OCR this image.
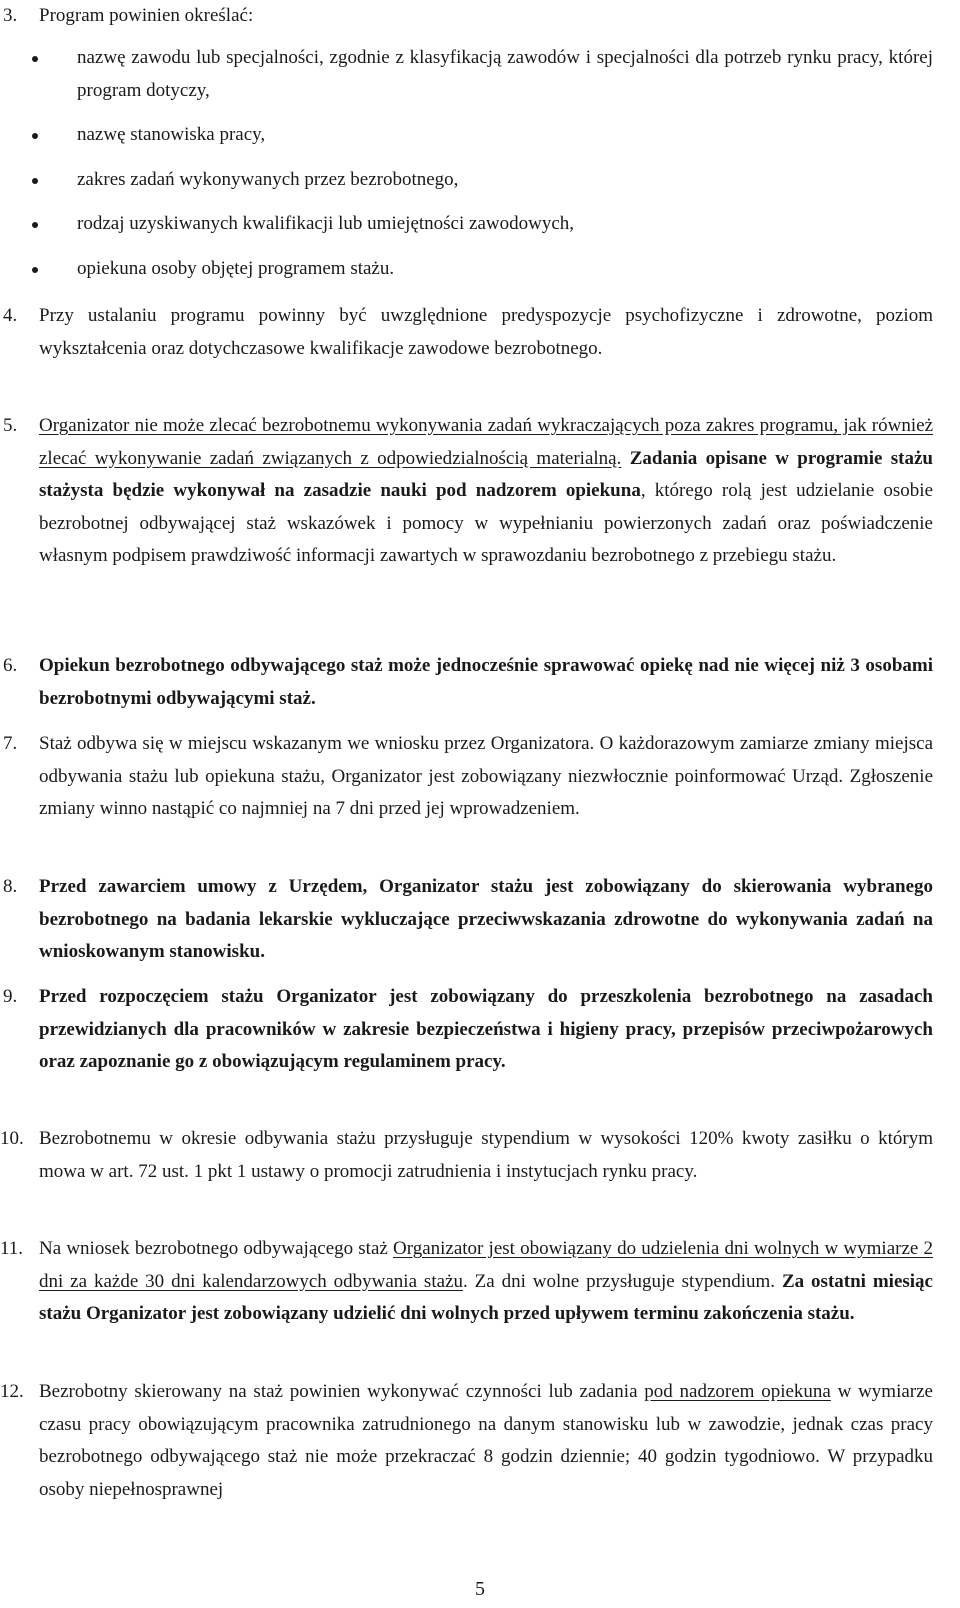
3.	Program powinien określać:
nazwę zawodu lub specjalności, zgodnie z klasyfikacją zawodów i specjalności dla potrzeb rynku pracy, której program dotyczy,
nazwę stanowiska pracy,
zakres zadań wykonywanych przez bezrobotnego,
rodzaj uzyskiwanych kwalifikacji lub umiejętności zawodowych,
opiekuna osoby objętej programem stażu.
4.	Przy ustalaniu programu powinny być uwzględnione predyspozycje psychofizyczne i zdrowotne, poziom wykształcenia oraz dotychczasowe kwalifikacje zawodowe bezrobotnego.
5.	Organizator nie może zlecać bezrobotnemu wykonywania zadań wykraczających poza zakres programu, jak również zlecać wykonywanie zadań związanych z odpowiedzialnością materialną. Zadania opisane w programie stażu stażysta będzie wykonywał na zasadzie nauki pod nadzorem opiekuna, którego rolą jest udzielanie osobie bezrobotnej odbywającej staż wskazówek i pomocy w wypełnianiu powierzonych zadań oraz poświadczenie własnym podpisem prawdziwość informacji zawartych w sprawozdaniu bezrobotnego z przebiegu stażu.
6.	Opiekun bezrobotnego odbywającego staż może jednocześnie sprawować opiekę nad nie więcej niż 3 osobami bezrobotnymi odbywającymi staż.
7.	Staż odbywa się w miejscu wskazanym we wniosku przez Organizatora. O każdorazowym zamiarze zmiany miejsca odbywania stażu lub opiekuna stażu, Organizator jest zobowiązany niezwłocznie poinformować Urząd. Zgłoszenie zmiany winno nastąpić co najmniej na 7 dni przed jej wprowadzeniem.
8.	Przed zawarciem umowy z Urzędem, Organizator stażu jest zobowiązany do skierowania wybranego bezrobotnego na badania lekarskie wykluczające przeciwwskazania zdrowotne do wykonywania zadań na wnioskowanym stanowisku.
9.	Przed rozpoczęciem stażu Organizator jest zobowiązany do przeszkolenia bezrobotnego na zasadach przewidzianych dla pracowników w zakresie bezpieczeństwa i higieny pracy, przepisów przeciwpożarowych oraz zapoznanie go z obowiązującym regulaminem pracy.
10. Bezrobotnemu w okresie odbywania stażu przysługuje stypendium w wysokości 120% kwoty zasiłku o którym mowa w art. 72 ust. 1 pkt 1 ustawy o promocji zatrudnienia i instytucjach rynku pracy.
11. Na wniosek bezrobotnego odbywającego staż Organizator jest obowiązany do udzielenia dni wolnych w wymiarze 2 dni za każde 30 dni kalendarzowych odbywania stażu. Za dni wolne przysługuje stypendium. Za ostatni miesiąc stażu Organizator jest zobowiązany udzielić dni wolnych przed upływem terminu zakończenia stażu.
12. Bezrobotny skierowany na staż powinien wykonywać czynności lub zadania pod nadzorem opiekuna w wymiarze czasu pracy obowiązującym pracownika zatrudnionego na danym stanowisku lub w zawodzie, jednak czas pracy bezrobotnego odbywającego staż nie może przekraczać 8 godzin dziennie; 40 godzin tygodniowo. W przypadku osoby niepełnosprawnej
5
